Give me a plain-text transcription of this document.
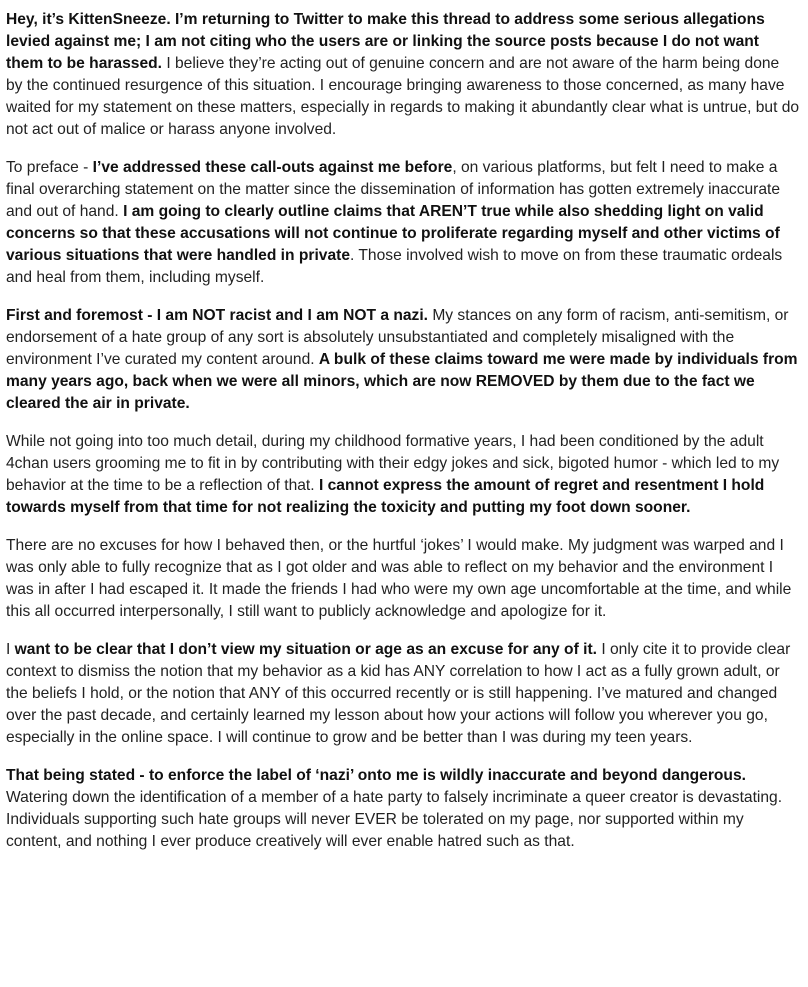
Hey, it’s KittenSneeze. I’m returning to Twitter to make this thread to address some serious allegations levied against me; I am not citing who the users are or linking the source posts because I do not want them to be harassed. I believe they’re acting out of genuine concern and are not aware of the harm being done by the continued resurgence of this situation. I encourage bringing awareness to those concerned, as many have waited for my statement on these matters, especially in regards to making it abundantly clear what is untrue, but do not act out of malice or harass anyone involved.

To preface - I’ve addressed these call-outs against me before, on various platforms, but felt I need to make a final overarching statement on the matter since the dissemination of information has gotten extremely inaccurate and out of hand. I am going to clearly outline claims that AREN’T true while also shedding light on valid concerns so that these accusations will not continue to proliferate regarding myself and other victims of various situations that were handled in private. Those involved wish to move on from these traumatic ordeals and heal from them, including myself.

First and foremost - I am NOT racist and I am NOT a nazi. My stances on any form of racism, anti-semitism, or endorsement of a hate group of any sort is absolutely unsubstantiated and completely misaligned with the environment I’ve curated my content around. A bulk of these claims toward me were made by individuals from many years ago, back when we were all minors, which are now REMOVED by them due to the fact we cleared the air in private.

While not going into too much detail, during my childhood formative years, I had been conditioned by the adult 4chan users grooming me to fit in by contributing with their edgy jokes and sick, bigoted humor - which led to my behavior at the time to be a reflection of that. I cannot express the amount of regret and resentment I hold towards myself from that time for not realizing the toxicity and putting my foot down sooner.

There are no excuses for how I behaved then, or the hurtful ‘jokes’ I would make. My judgment was warped and I was only able to fully recognize that as I got older and was able to reflect on my behavior and the environment I was in after I had escaped it. It made the friends I had who were my own age uncomfortable at the time, and while this all occurred interpersonally, I still want to publicly acknowledge and apologize for it.

I want to be clear that I don’t view my situation or age as an excuse for any of it. I only cite it to provide clear context to dismiss the notion that my behavior as a kid has ANY correlation to how I act as a fully grown adult, or the beliefs I hold, or the notion that ANY of this occurred recently or is still happening. I’ve matured and changed over the past decade, and certainly learned my lesson about how your actions will follow you wherever you go, especially in the online space. I will continue to grow and be better than I was during my teen years.

That being stated - to enforce the label of ‘nazi’ onto me is wildly inaccurate and beyond dangerous. Watering down the identification of a member of a hate party to falsely incriminate a queer creator is devastating. Individuals supporting such hate groups will never EVER be tolerated on my page, nor supported within my content, and nothing I ever produce creatively will ever enable hatred such as that.
